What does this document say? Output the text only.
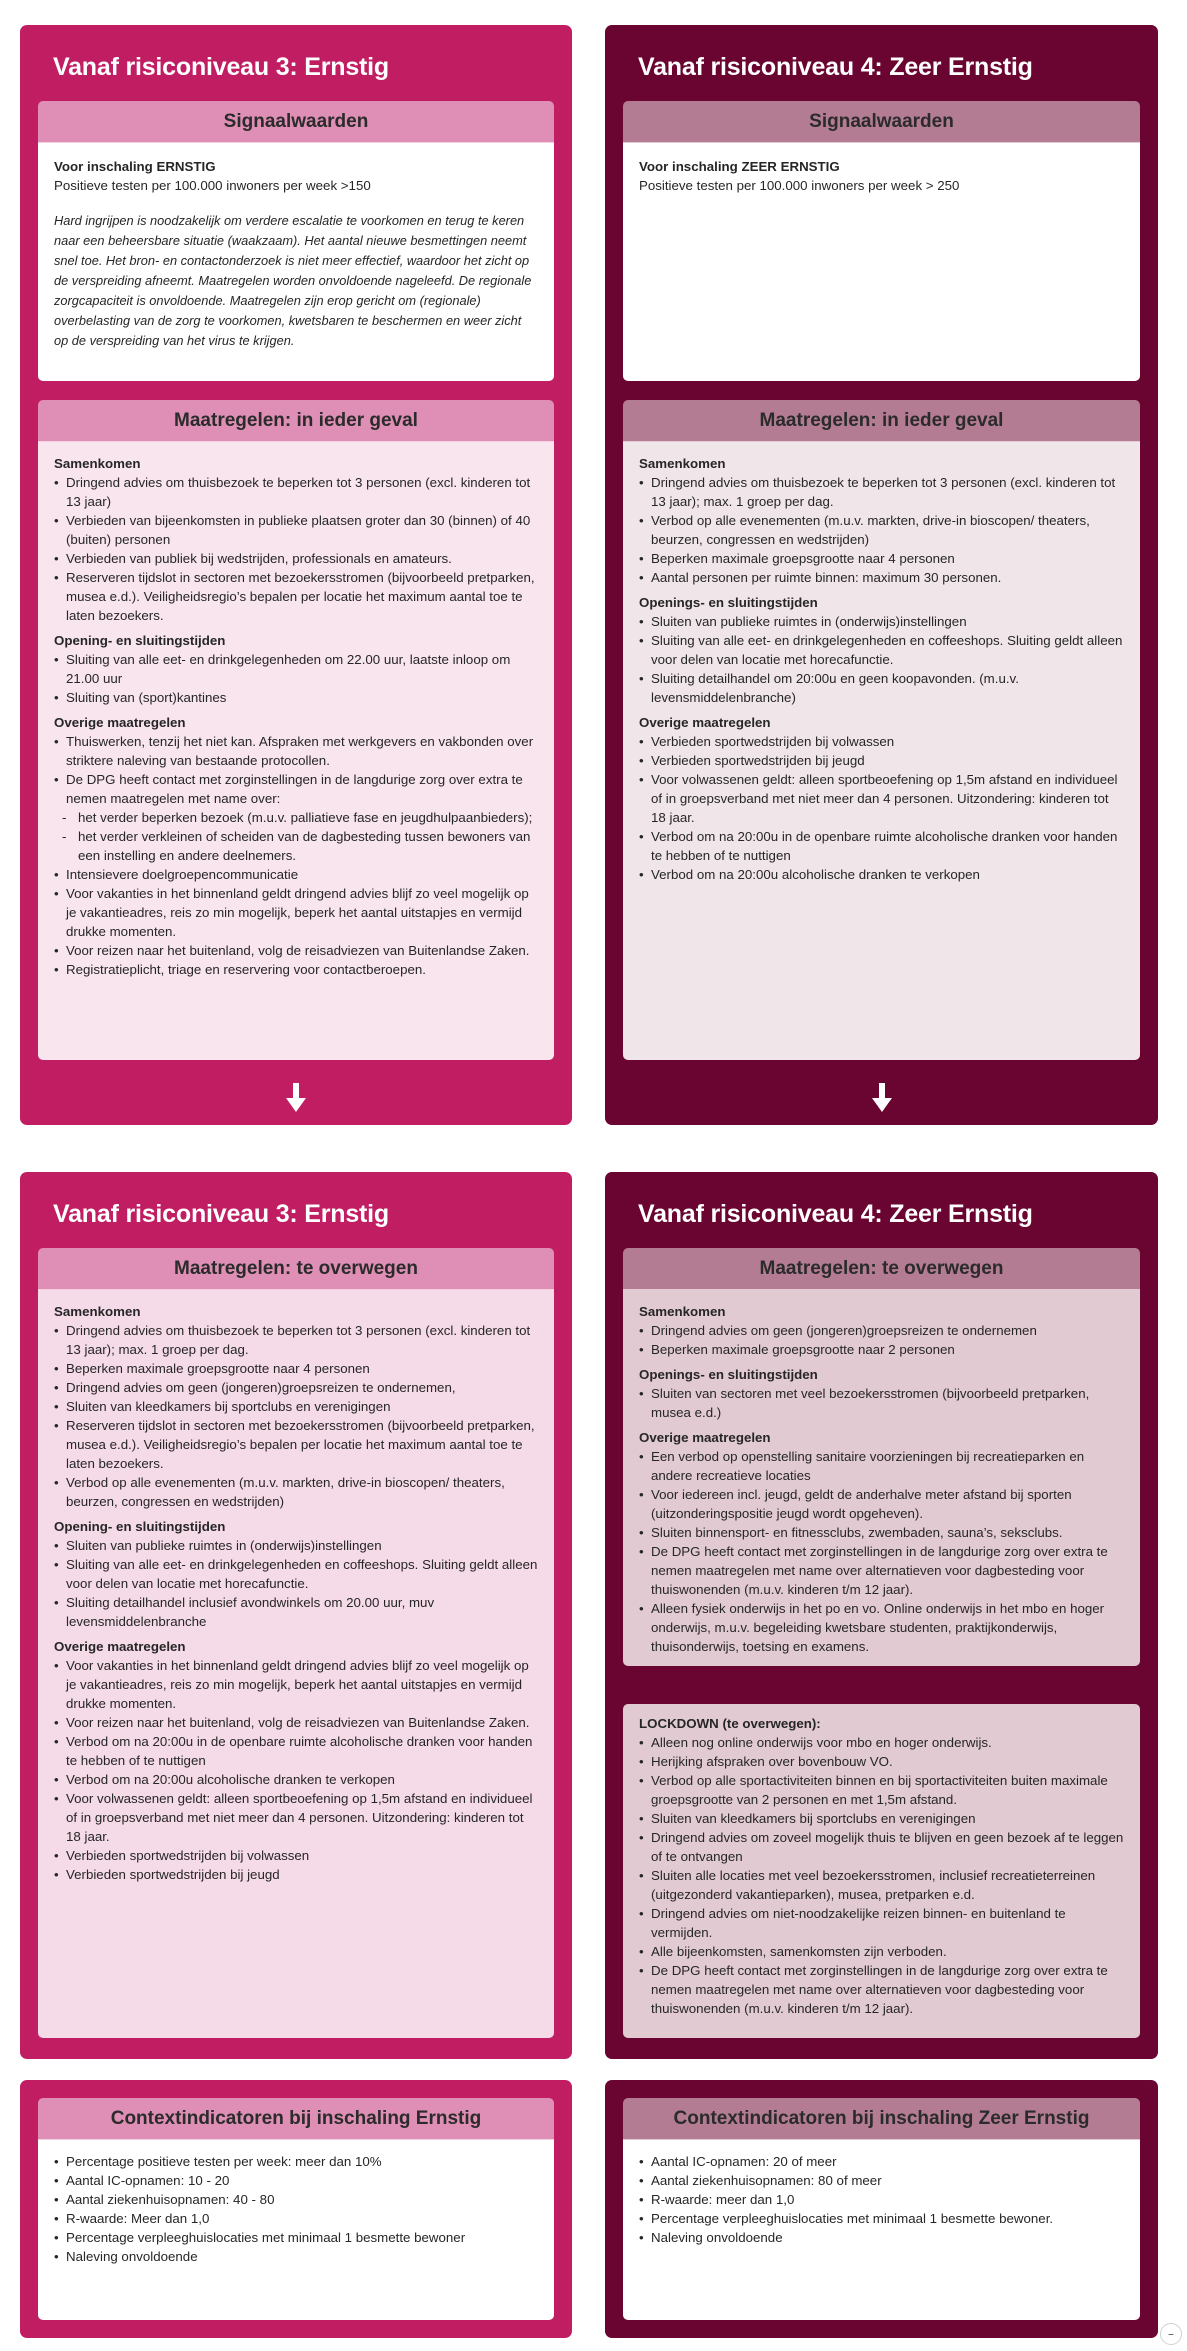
Vanaf risiconiveau 3: Ernstig
Signaalwaarden
Voor inschaling ERNSTIG
Positieve testen per 100.000 inwoners per week >150
Hard ingrijpen is noodzakelijk om verdere escalatie te voorkomen en terug te keren naar een beheersbare situatie (waakzaam). Het aantal nieuwe besmettingen neemt snel toe. Het bron- en contactonderzoek is niet meer effectief, waardoor het zicht op de verspreiding afneemt. Maatregelen worden onvoldoende nageleefd. De regionale zorgcapaciteit is onvoldoende. Maatregelen zijn erop gericht om (regionale) overbelasting van de zorg te voorkomen, kwetsbaren te beschermen en weer zicht op de verspreiding van het virus te krijgen.
Maatregelen: in ieder geval
Samenkomen
• Dringend advies om thuisbezoek te beperken tot 3 personen (excl. kinderen tot 13 jaar)
• Verbieden van bijeenkomsten in publieke plaatsen groter dan 30 (binnen) of 40 (buiten) personen
• Verbieden van publiek bij wedstrijden, professionals en amateurs.
• Reserveren tijdslot in sectoren met bezoekersstromen (bijvoorbeeld pretparken, musea e.d.). Veiligheidsregio’s bepalen per locatie het maximum aantal toe te laten bezoekers.
Opening- en sluitingstijden
• Sluiting van alle eet- en drinkgelegenheden om 22.00 uur, laatste inloop om 21.00 uur
• Sluiting van (sport)kantines
Overige maatregelen
• Thuiswerken, tenzij het niet kan. Afspraken met werkgevers en vakbonden over striktere naleving van bestaande protocollen.
• De DPG heeft contact met zorginstellingen in de langdurige zorg over extra te nemen maatregelen met name over:
- het verder beperken bezoek (m.u.v. palliatieve fase en jeugdhulpaanbieders);
- het verder verkleinen of scheiden van de dagbesteding tussen bewoners van een instelling en andere deelnemers.
• Intensievere doelgroepencommunicatie
• Voor vakanties in het binnenland geldt dringend advies blijf zo veel mogelijk op je vakantieadres, reis zo min mogelijk, beperk het aantal uitstapjes en vermijd drukke momenten.
• Voor reizen naar het buitenland, volg de reisadviezen van Buitenlandse Zaken.
• Registratieplicht, triage en reservering voor contactberoepen.
Vanaf risiconiveau 4: Zeer Ernstig
Signaalwaarden
Voor inschaling ZEER ERNSTIG
Positieve testen per 100.000 inwoners per week > 250
Maatregelen: in ieder geval
Samenkomen
• Dringend advies om thuisbezoek te beperken tot 3 personen (excl. kinderen tot 13 jaar); max. 1 groep per dag.
• Verbod op alle evenementen (m.u.v. markten, drive-in bioscopen/ theaters, beurzen, congressen en wedstrijden)
• Beperken maximale groepsgrootte naar 4 personen
• Aantal personen per ruimte binnen: maximum 30 personen.
Openings- en sluitingstijden
• Sluiten van publieke ruimtes in (onderwijs)instellingen
• Sluiting van alle eet- en drinkgelegenheden en coffeeshops. Sluiting geldt alleen voor delen van locatie met horecafunctie.
• Sluiting detailhandel om 20:00u en geen koopavonden. (m.u.v. levensmiddelenbranche)
Overige maatregelen
• Verbieden sportwedstrijden bij volwassen
• Verbieden sportwedstrijden bij jeugd
• Voor volwassenen geldt: alleen sportbeoefening op 1,5m afstand en individueel of in groepsverband met niet meer dan 4 personen. Uitzondering: kinderen tot 18 jaar.
• Verbod om na 20:00u in de openbare ruimte alcoholische dranken voor handen te hebben of te nuttigen
• Verbod om na 20:00u alcoholische dranken te verkopen
Vanaf risiconiveau 3: Ernstig
Maatregelen: te overwegen
Samenkomen
• Dringend advies om thuisbezoek te beperken tot 3 personen (excl. kinderen tot 13 jaar); max. 1 groep per dag.
• Beperken maximale groepsgrootte naar 4 personen
• Dringend advies om geen (jongeren)groepsreizen te ondernemen,
• Sluiten van kleedkamers bij sportclubs en verenigingen
• Reserveren tijdslot in sectoren met bezoekersstromen (bijvoorbeeld pretparken, musea e.d.). Veiligheidsregio’s bepalen per locatie het maximum aantal toe te laten bezoekers.
• Verbod op alle evenementen (m.u.v. markten, drive-in bioscopen/ theaters, beurzen, congressen en wedstrijden)
Opening- en sluitingstijden
• Sluiten van publieke ruimtes in (onderwijs)instellingen
• Sluiting van alle eet- en drinkgelegenheden en coffeeshops. Sluiting geldt alleen voor delen van locatie met horecafunctie.
• Sluiting detailhandel inclusief avondwinkels om 20.00 uur, muv levensmiddelenbranche
Overige maatregelen
• Voor vakanties in het binnenland geldt dringend advies blijf zo veel mogelijk op je vakantieadres, reis zo min mogelijk, beperk het aantal uitstapjes en vermijd drukke momenten.
• Voor reizen naar het buitenland, volg de reisadviezen van Buitenlandse Zaken.
• Verbod om na 20:00u in de openbare ruimte alcoholische dranken voor handen te hebben of te nuttigen
• Verbod om na 20:00u alcoholische dranken te verkopen
• Voor volwassenen geldt: alleen sportbeoefening op 1,5m afstand en individueel of in groepsverband met niet meer dan 4 personen. Uitzondering: kinderen tot 18 jaar.
• Verbieden sportwedstrijden bij volwassen
• Verbieden sportwedstrijden bij jeugd
Contextindicatoren bij inschaling Ernstig
• Percentage positieve testen per week: meer dan 10%
• Aantal IC-opnamen: 10 - 20
• Aantal ziekenhuisopnamen: 40 - 80
• R-waarde: Meer dan 1,0
• Percentage verpleeghuislocaties met minimaal 1 besmette bewoner
• Naleving onvoldoende
Vanaf risiconiveau 4: Zeer Ernstig
Maatregelen: te overwegen
Samenkomen
• Dringend advies om geen (jongeren)groepsreizen te ondernemen
• Beperken maximale groepsgrootte naar 2 personen
Openings- en sluitingstijden
• Sluiten van sectoren met veel bezoekersstromen (bijvoorbeeld pretparken, musea e.d.)
Overige maatregelen
• Een verbod op openstelling sanitaire voorzieningen bij recreatieparken en andere recreatieve locaties
• Voor iedereen incl. jeugd, geldt de anderhalve meter afstand bij sporten (uitzonderingspositie jeugd wordt opgeheven).
• Sluiten binnensport- en fitnessclubs, zwembaden, sauna’s, seksclubs.
• De DPG heeft contact met zorginstellingen in de langdurige zorg over extra te nemen maatregelen met name over alternatieven voor dagbesteding voor thuiswonenden (m.u.v. kinderen t/m 12 jaar).
• Alleen fysiek onderwijs in het po en vo. Online onderwijs in het mbo en hoger onderwijs, m.u.v. begeleiding kwetsbare studenten, praktijkonderwijs, thuisonderwijs, toetsing en examens.
LOCKDOWN (te overwegen):
• Alleen nog online onderwijs voor mbo en hoger onderwijs.
• Herijking afspraken over bovenbouw VO.
• Verbod op alle sportactiviteiten binnen en bij sportactiviteiten buiten maximale groepsgrootte van 2 personen en met 1,5m afstand.
• Sluiten van kleedkamers bij sportclubs en verenigingen
• Dringend advies om zoveel mogelijk thuis te blijven en geen bezoek af te leggen of te ontvangen
• Sluiten alle locaties met veel bezoekersstromen, inclusief recreatieterreinen (uitgezonderd vakantieparken), musea, pretparken e.d.
• Dringend advies om niet-noodzakelijke reizen binnen- en buitenland te vermijden.
• Alle bijeenkomsten, samenkomsten zijn verboden.
• De DPG heeft contact met zorginstellingen in de langdurige zorg over extra te nemen maatregelen met name over alternatieven voor dagbesteding voor thuiswonenden (m.u.v. kinderen t/m 12 jaar).
Contextindicatoren bij inschaling Zeer Ernstig
• Aantal IC-opnamen: 20 of meer
• Aantal ziekenhuisopnamen: 80 of meer
• R-waarde: meer dan 1,0
• Percentage verpleeghuislocaties met minimaal 1 besmette bewoner.
• Naleving onvoldoende
–
